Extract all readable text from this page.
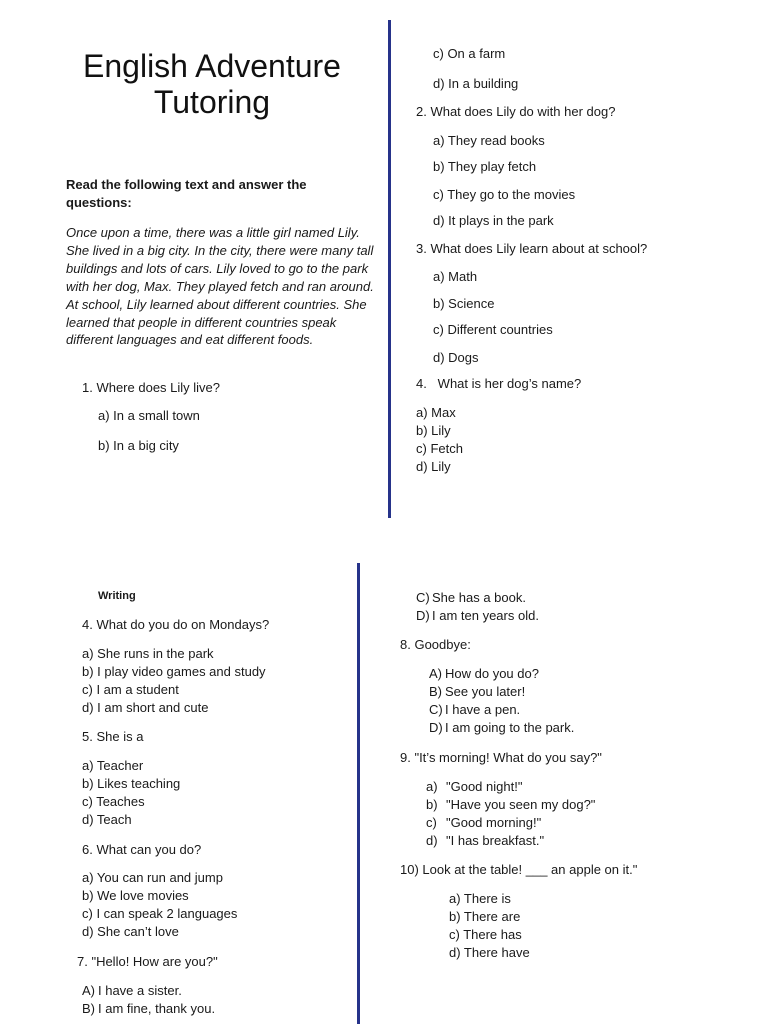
English Adventure Tutoring
Read the following text and answer the questions:
Once upon a time, there was a little girl named Lily. She lived in a big city. In the city, there were many tall buildings and lots of cars. Lily loved to go to the park with her dog, Max. They played fetch and ran around. At school, Lily learned about different countries. She learned that people in different countries speak different languages and eat different foods.
1. Where does Lily live?
a) In a small town
b) In a big city
c) On a farm
d) In a building
2. What does Lily do with her dog?
a) They read books
b) They play fetch
c) They go to the movies
d) It plays in the park
3. What does Lily learn about at school?
a) Math
b) Science
c) Different countries
d) Dogs
4.   What is her dog’s name?
a) Max
b) Lily
c) Fetch
d) Lily
Writing
4. What do you do on Mondays?
a) She runs in the park
b) I play video games and study
c) I am a student
d) I am short and cute
5. She is a
a) Teacher
b) Likes teaching
c) Teaches
d) Teach
6. What can you do?
a) You can run and jump
b) We love movies
c) I can speak 2 languages
d) She can’t love
7. "Hello! How are you?"
A) I have a sister.
B) I am fine, thank you.
C) She has a book.
D) I am ten years old.
8. Goodbye:
A) How do you do?
B) See you later!
C) I have a pen.
D) I am going to the park.
9. "It’s morning! What do you say?"
a) "Good night!"
b) "Have you seen my dog?"
c) "Good morning!"
d) "I has breakfast."
10) Look at the table! ___ an apple on it."
a) There is
b) There are
c) There has
d) There have
